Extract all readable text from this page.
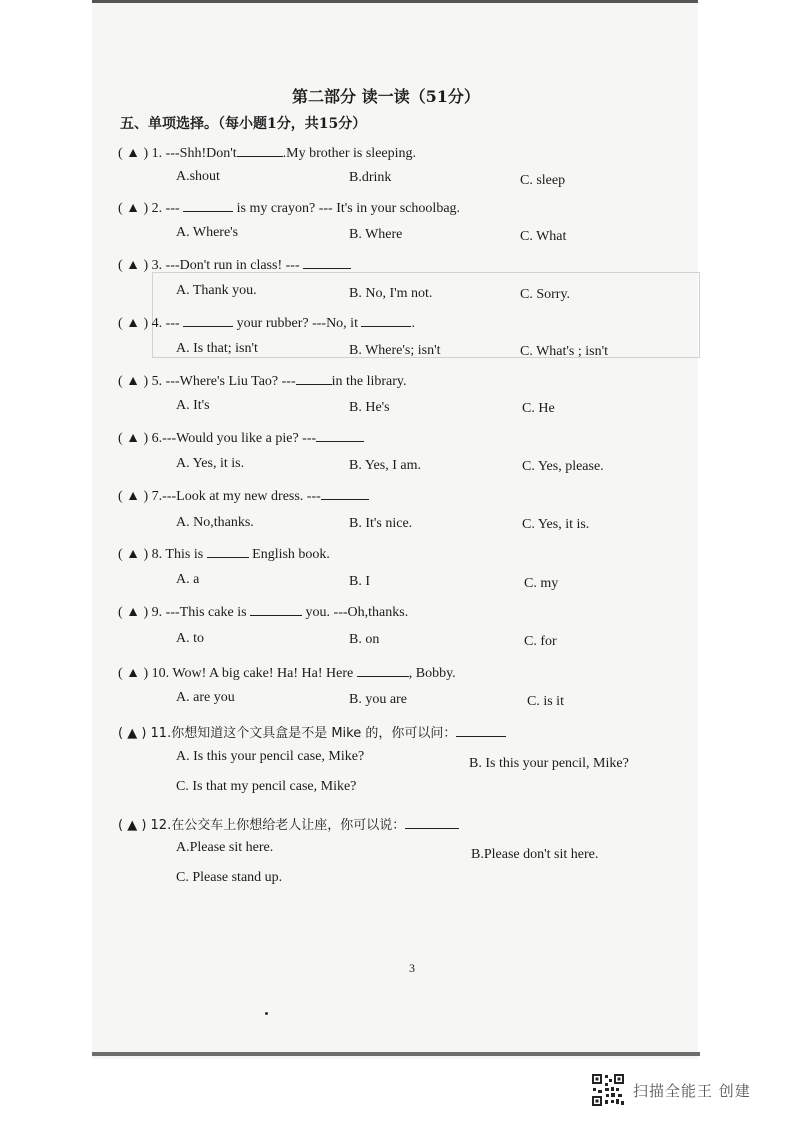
第二部分 读一读（51分）
五、单项选择。（每小题1分，共15分）
( ▲ ) 1. ---Shh!Don't	.My brother is sleeping.
A.shout	B.drink	C. sleep
( ▲ ) 2. ---	is my crayon? --- It's in your schoolbag.
A. Where's	B. Where	C. What
( ▲ ) 3. ---Don't run in class! ---
A. Thank you.	B. No, I'm not.	C. Sorry.
( ▲ ) 4. ---	your rubber? ---No, it	.
A. Is that; isn't	B. Where's; isn't	C. What's ; isn't
( ▲ ) 5. ---Where's Liu Tao? ---	in the library.
A. It's	B. He's	C. He
( ▲ ) 6.---Would you like a pie? ---
A. Yes, it is.	B. Yes, I am.	C. Yes, please.
( ▲ ) 7.---Look at my new dress. ---
A. No,thanks.	B. It's nice.	C. Yes, it is.
( ▲ ) 8. This is	English book.
A. a	B. I	C. my
( ▲ ) 9. ---This cake is	you. ---Oh,thanks.
A. to	B. on	C. for
( ▲ ) 10. Wow! A big cake! Ha! Ha! Here	, Bobby.
A. are you	B. you are	C. is it
( ▲ ) 11.你想知道这个文具盒是不是 Mike 的，你可以问：
A. Is this your pencil case, Mike?	B. Is this your pencil, Mike?
C. Is that my pencil case, Mike?
( ▲ ) 12.在公交车上你想给老人让座，你可以说：
A.Please sit here.	B.Please don't sit here.
C. Please stand up.
3
扫描全能王 创建
